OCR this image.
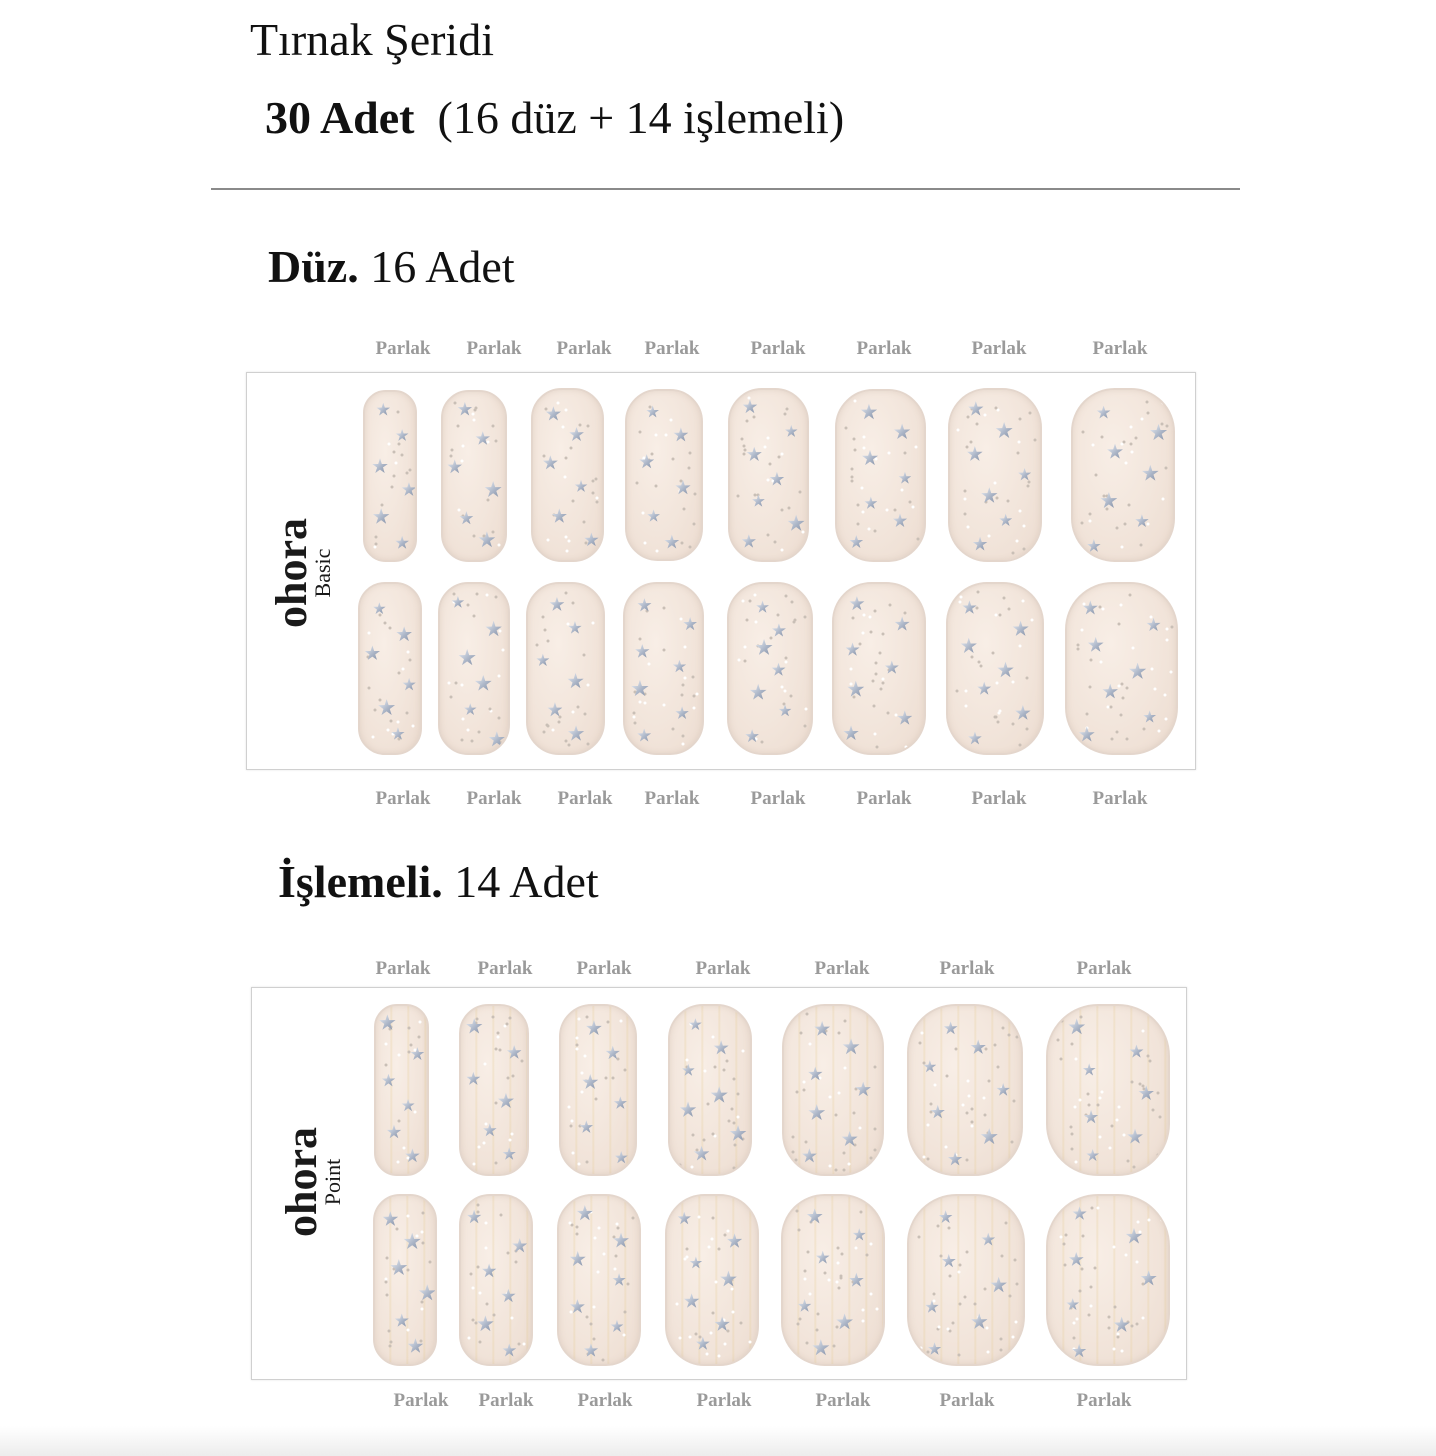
Tırnak Şeridi
30 Adet (16 düz + 14 işlemeli)
Düz. 16 Adet
Parlak Parlak Parlak Parlak	Parlak	Parlak	Parlak	Parlak
ohora
Basic
Parlak Parlak Parlak Parlak	Parlak	Parlak	Parlak	Parlak
İşlemeli. 14 Adet
Parlak Parlak Parlak	Parlak	Parlak	Parlak	Parlak
ohora
Point
Parlak Parlak Parlak	Parlak	Parlak	Parlak	Parlak
